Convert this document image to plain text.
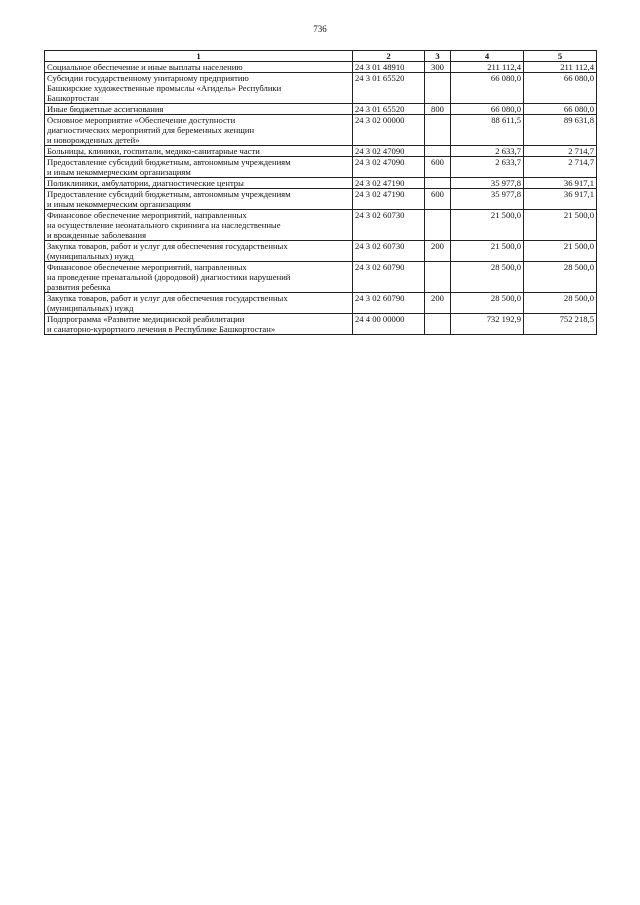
736
1	2	3	4	5
Социальное обеспечение и иные выплаты населению	24 3 01 48910	300	211 112,4	211 112,4
Субсидии государственному унитарному предприятию
Башкирские художественные промыслы «Агидель» Республики
Башкортостан	24 3 01 65520		66 080,0	66 080,0
Иные бюджетные ассигнования	24 3 01 65520	800	66 080,0	66 080,0
Основное мероприятие «Обеспечение доступности
диагностических мероприятий для беременных женщин
и новорожденных детей»	24 3 02 00000		88 611,5	89 631,8
Больницы, клиники, госпитали, медико-санитарные части	24 3 02 47090		2 633,7	2 714,7
Предоставление субсидий бюджетным, автономным учреждениям
и иным некоммерческим организациям	24 3 02 47090	600	2 633,7	2 714,7
Поликлиники, амбулатории, диагностические центры	24 3 02 47190		35 977,8	36 917,1
Предоставление субсидий бюджетным, автономным учреждениям
и иным некоммерческим организациям	24 3 02 47190	600	35 977,8	36 917,1
Финансовое обеспечение мероприятий, направленных
на осуществление неонатального скрининга на наследственные
и врожденные заболевания	24 3 02 60730		21 500,0	21 500,0
Закупка товаров, работ и услуг для обеспечения государственных
(муниципальных) нужд	24 3 02 60730	200	21 500,0	21 500,0
Финансовое обеспечение мероприятий, направленных
на проведение пренатальной (дородовой) диагностики нарушений
развития ребенка	24 3 02 60790		28 500,0	28 500,0
Закупка товаров, работ и услуг для обеспечения государственных
(муниципальных) нужд	24 3 02 60790	200	28 500,0	28 500,0
Подпрограмма «Развитие медицинской реабилитации
и санаторно-курортного лечения в Республике Башкортостан»	24 4 00 00000		732 192,9	752 218,5
